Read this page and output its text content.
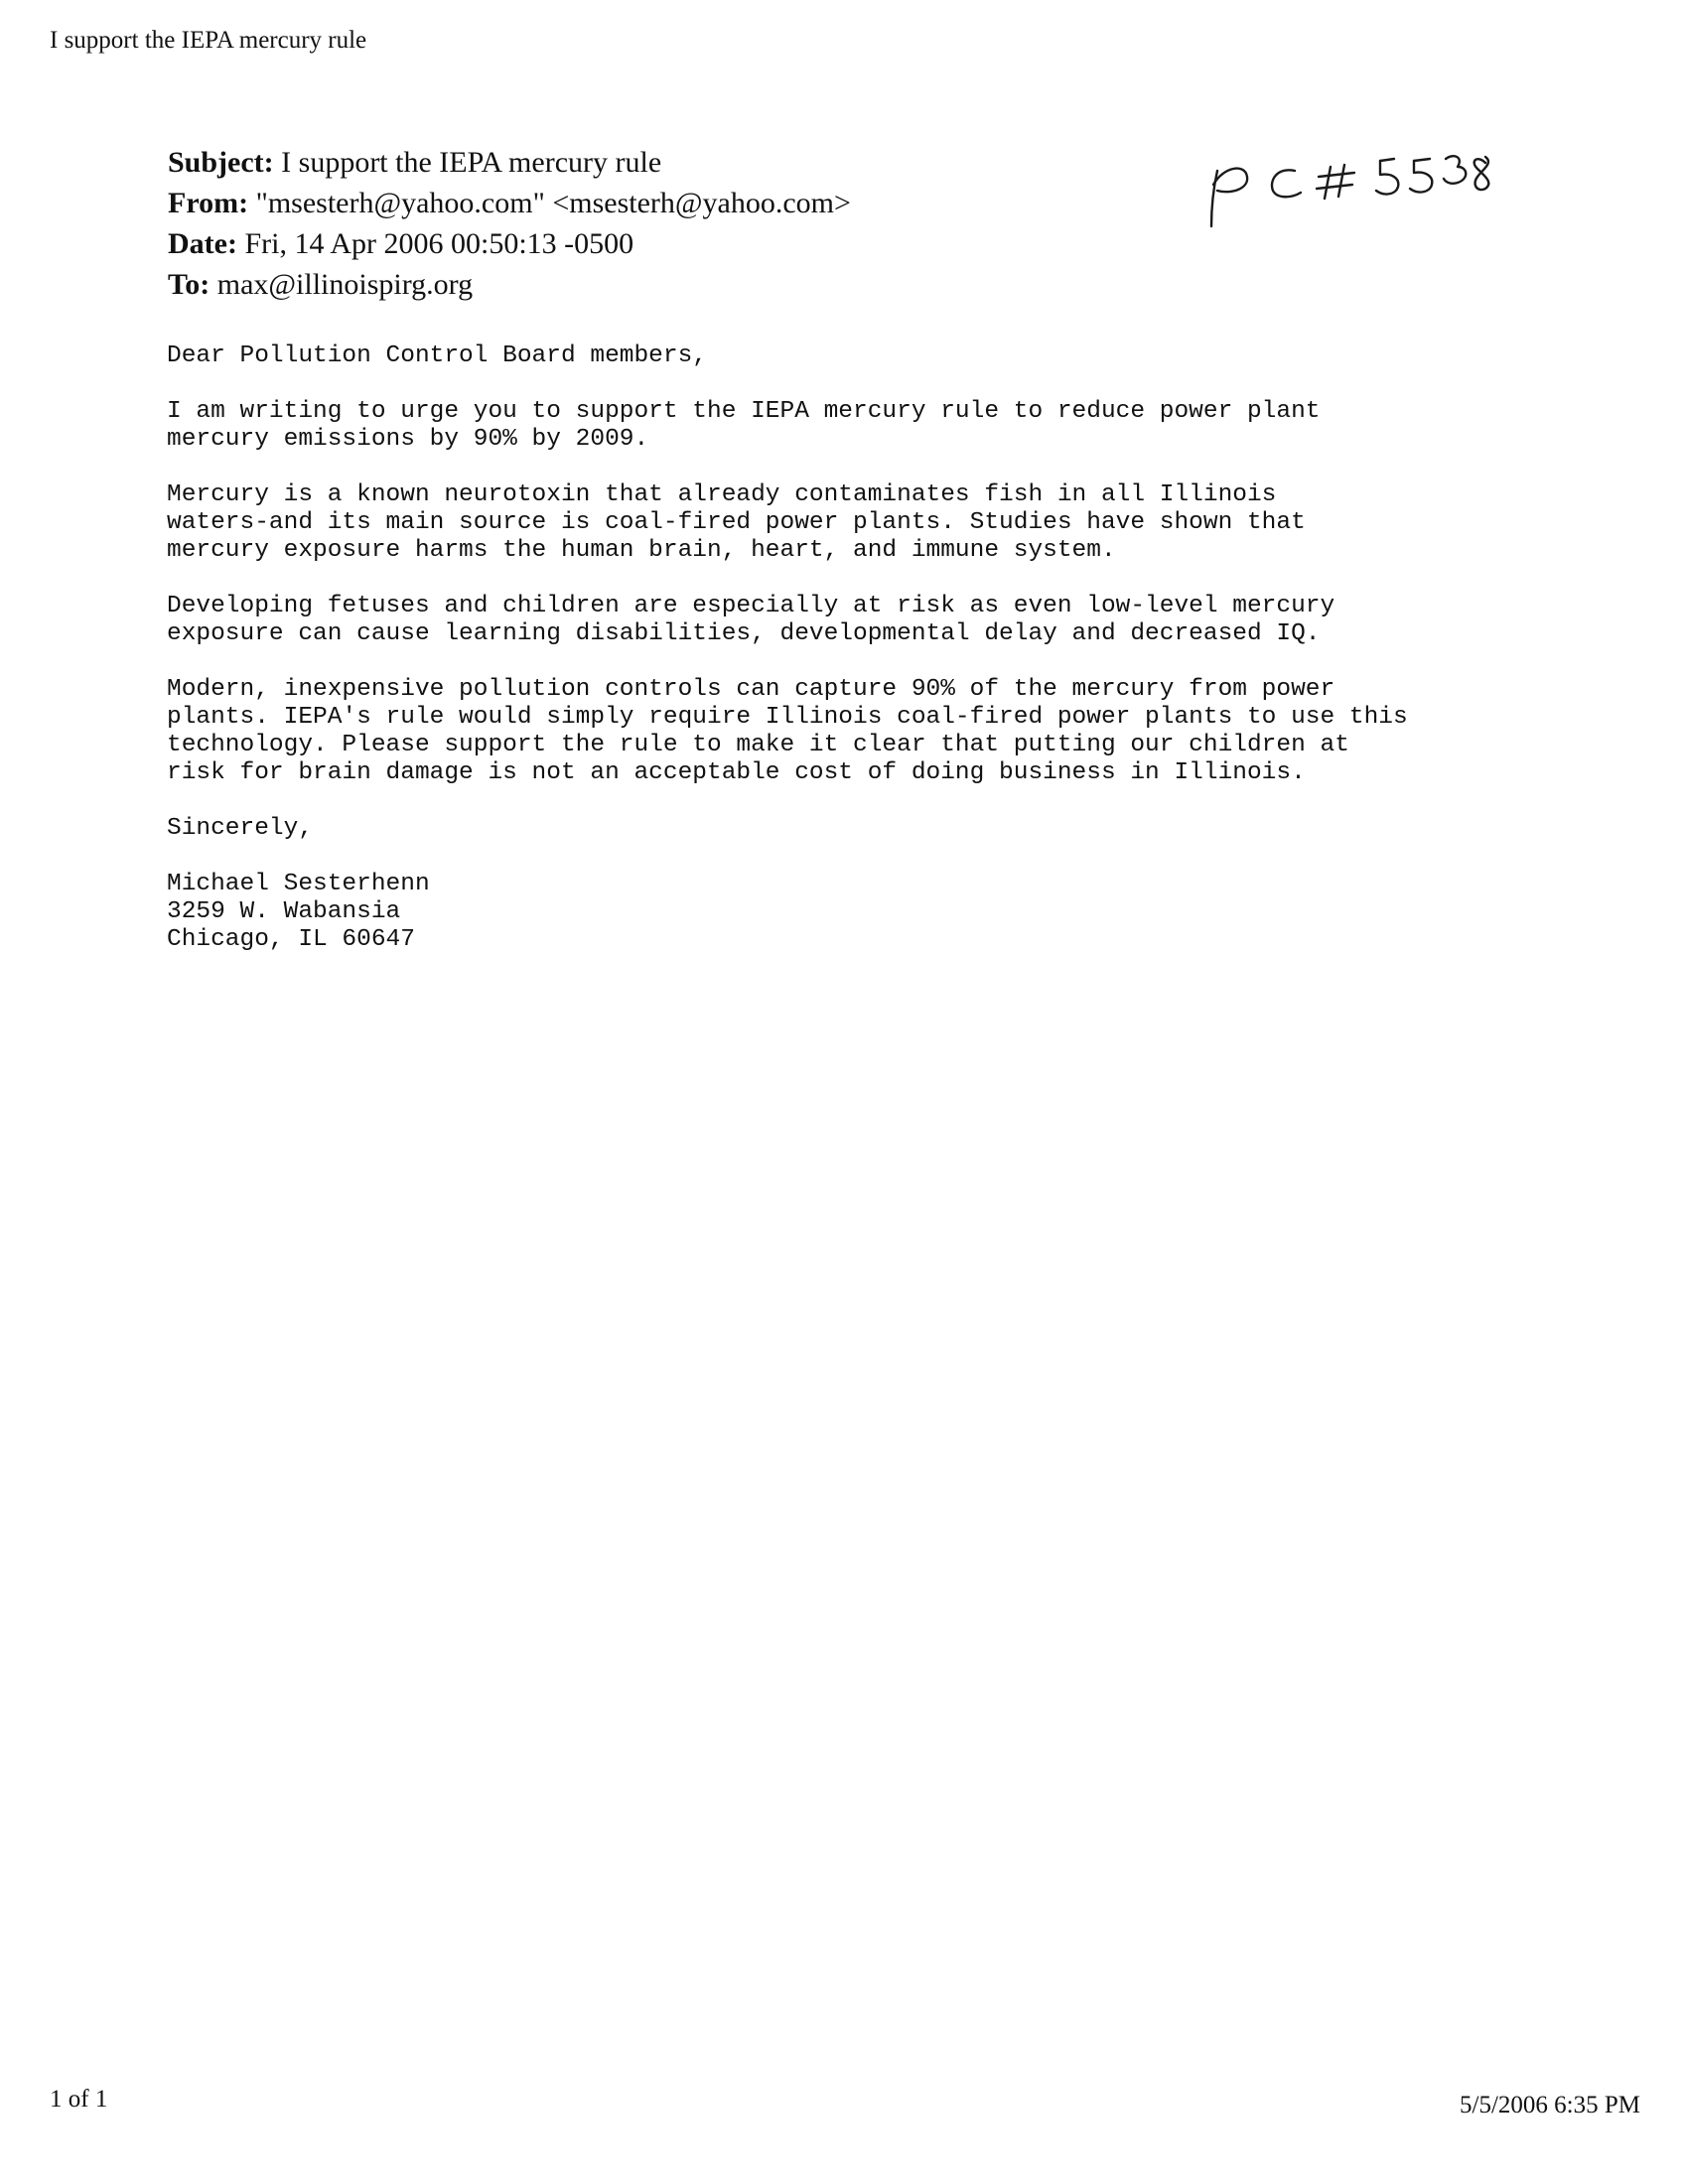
I support the IEPA mercury rule
Subject: I support the IEPA mercury rule
From: "msesterh@yahoo.com" <msesterh@yahoo.com>
Date: Fri, 14 Apr 2006 00:50:13 -0500
To: max@illinoispirg.org

Dear Pollution Control Board members,

I am writing to urge you to support the IEPA mercury rule to reduce power plant
mercury emissions by 90% by 2009.

Mercury is a known neurotoxin that already contaminates fish in all Illinois
waters-and its main source is coal-fired power plants. Studies have shown that
mercury exposure harms the human brain, heart, and immune system.

Developing fetuses and children are especially at risk as even low-level mercury
exposure can cause learning disabilities, developmental delay and decreased IQ.

Modern, inexpensive pollution controls can capture 90% of the mercury from power
plants. IEPA's rule would simply require Illinois coal-fired power plants to use this
technology. Please support the rule to make it clear that putting our children at
risk for brain damage is not an acceptable cost of doing business in Illinois.

Sincerely,

Michael Sesterhenn

3259 W. Wabansia

Chicago, IL 60647

1 of 1	5/5/2006 6:35 PM
